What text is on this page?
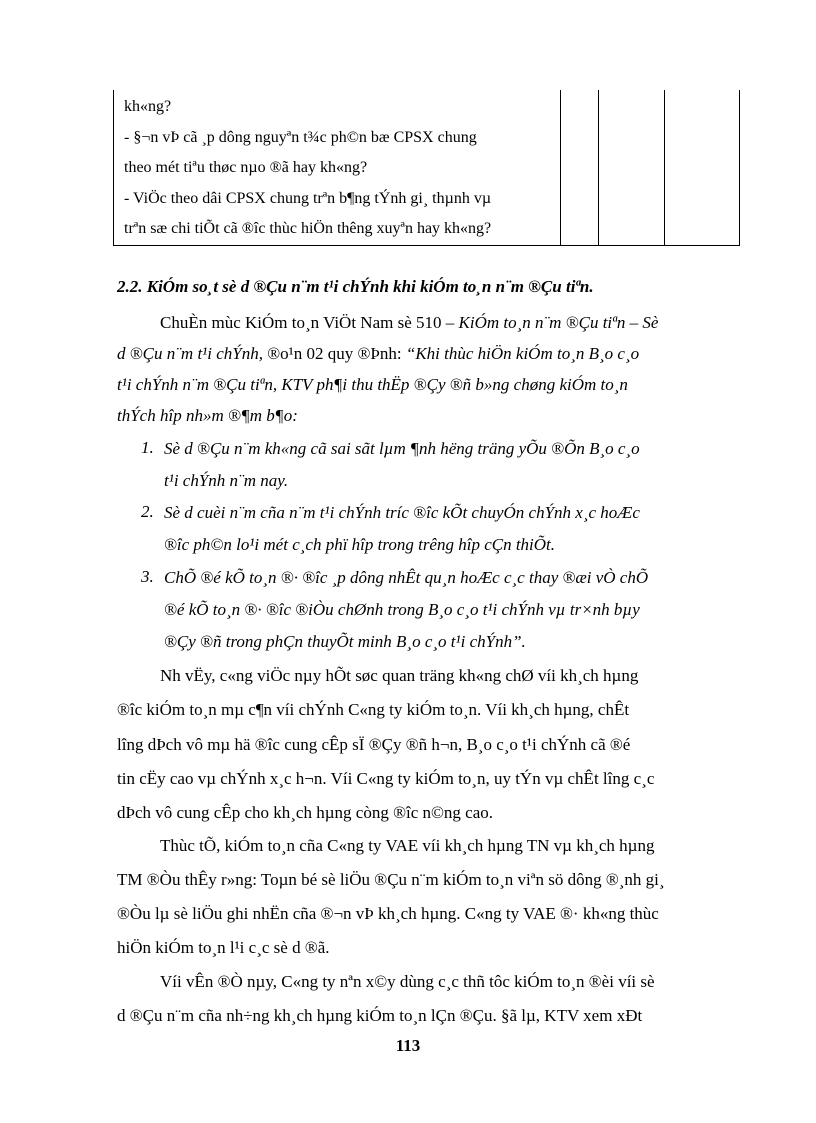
kh«ng?
- §¬n vÞ cã ¸p dông nguyªn t¾c ph©n bæ CPSX chung
theo mét tiªu thøc nµo ®ã hay kh«ng?
- ViÖc theo dâi CPSX chung trªn b¶ng tÝnh gi¸ thµnh vµ
trªn sæ chi tiÕt cã ®îc thùc hiÖn thêng xuyªn hay kh«ng?
2.2. KiÓm so¸t sè d ®Çu n¨m t¹i chÝnh khi kiÓm to¸n n¨m ®Çu tiªn.
ChuÈn mùc KiÓm to¸n ViÖt Nam sè 510 – KiÓm to¸n n¨m ®Çu tiªn – Sè
d ®Çu n¨m t¹i chÝnh, ®o¹n 02 quy ®Þnh: “Khi thùc hiÖn kiÓm to¸n B¸o c¸o
t¹i chÝnh n¨m ®Çu tiªn, KTV ph¶i thu thËp ®Çy ®ñ b»ng chøng kiÓm to¸n
thÝch hîp nh»m ®¶m b¶o:
1. Sè d ®Çu n¨m kh«ng cã sai sãt lµm ¶nh hëng träng yÕu ®Õn B¸o c¸o
t¹i chÝnh n¨m nay.
2. Sè d cuèi n¨m cña n¨m t¹i chÝnh tríc ®îc kÕt chuyÓn chÝnh x¸c hoÆc
®îc ph©n lo¹i mét c¸ch phï hîp trong trêng hîp cÇn thiÕt.
3. ChÕ ®é kÕ to¸n ®· ®îc ¸p dông nhÊt qu¸n hoÆc c¸c thay ®æi vÒ chÕ
®é kÕ to¸n ®· ®îc ®iÒu chØnh trong B¸o c¸o t¹i chÝnh vµ tr×nh bµy
®Çy ®ñ trong phÇn thuyÕt minh B¸o c¸o t¹i chÝnh”.
Nh vËy, c«ng viÖc nµy hÕt søc quan träng kh«ng chØ víi kh¸ch hµng
®îc kiÓm to¸n mµ c¶n víi chÝnh C«ng ty kiÓm to¸n. Víi kh¸ch hµng, chÊt
lîng dÞch vô mµ hä ®îc cung cÊp sÏ ®Çy ®ñ h¬n, B¸o c¸o t¹i chÝnh cã ®é
tin cËy cao vµ chÝnh x¸c h¬n. Víi C«ng ty kiÓm to¸n, uy tÝn vµ chÊt lîng c¸c
dÞch vô cung cÊp cho kh¸ch hµng còng ®îc n©ng cao.
Thùc tÕ, kiÓm to¸n cña C«ng ty VAE víi kh¸ch hµng TN vµ kh¸ch hµng
TM ®Òu thÊy r»ng: Toµn bé sè liÖu ®Çu n¨m kiÓm to¸n viªn sö dông ®¸nh gi¸
®Òu lµ sè liÖu ghi nhËn cña ®¬n vÞ kh¸ch hµng. C«ng ty VAE ®· kh«ng thùc
hiÖn kiÓm to¸n l¹i c¸c sè d ®ã.
Víi vÊn ®Ò nµy, C«ng ty nªn x©y dùng c¸c thñ tôc kiÓm to¸n ®èi víi sè
d ®Çu n¨m cña nh÷ng kh¸ch hµng kiÓm to¸n lÇn ®Çu. §ã lµ, KTV xem xÐt
113
